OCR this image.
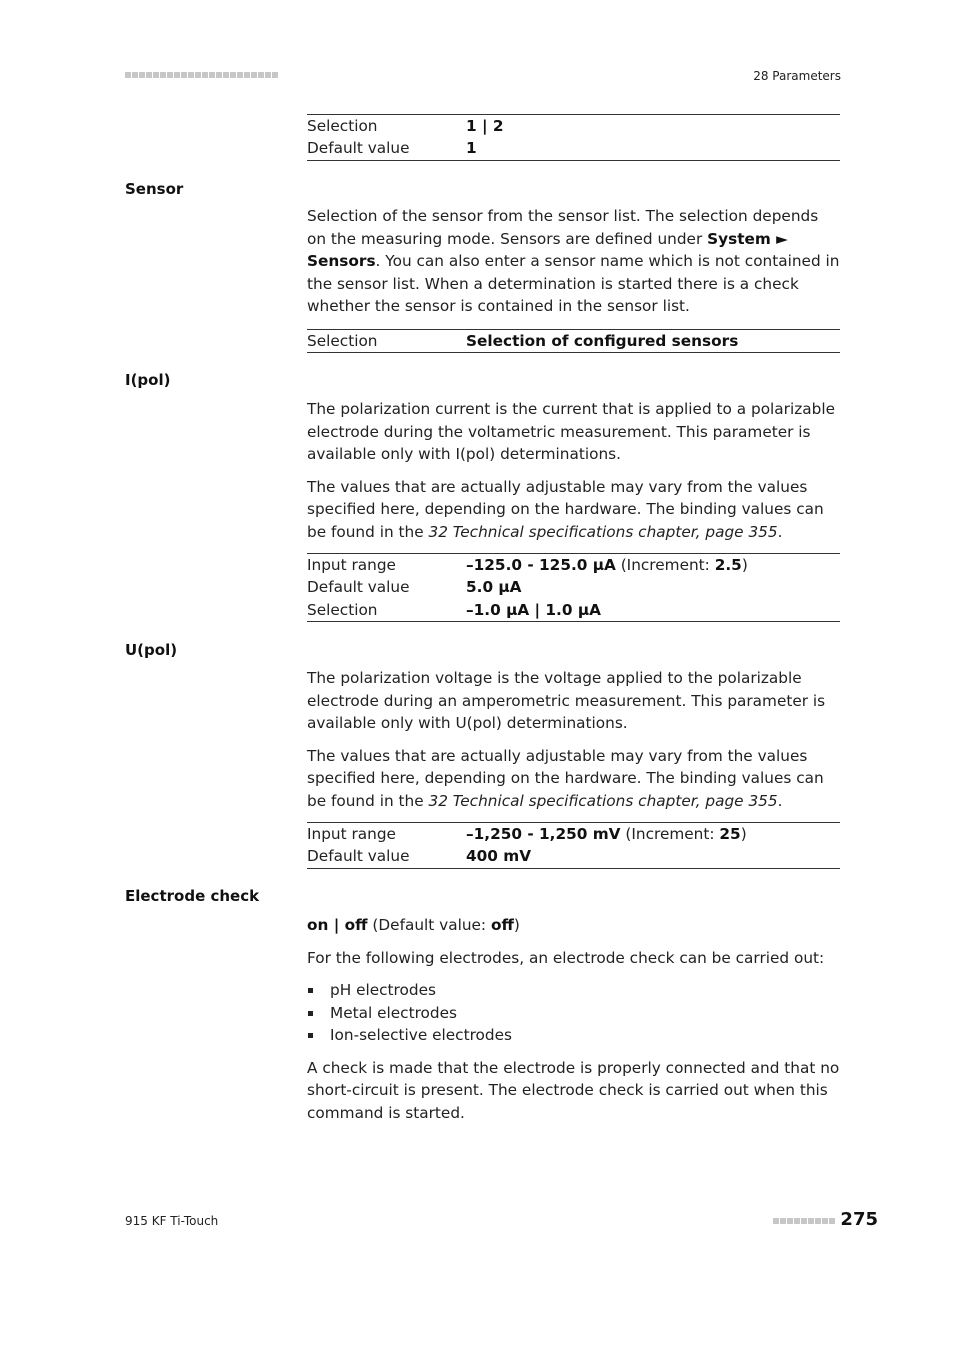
28 Parameters
Selection	1 | 2
Default value	1
Sensor

Selection of the sensor from the sensor list. The selection depends on the measuring mode. Sensors are defined under System ► Sensors. You can also enter a sensor name which is not contained in the sensor list. When a determination is started there is a check whether the sensor is contained in the sensor list.

Selection	Selection of configured sensors
I(pol)

The polarization current is the current that is applied to a polarizable electrode during the voltametric measurement. This parameter is available only with I(pol) determinations.

The values that are actually adjustable may vary from the values specified here, depending on the hardware. The binding values can be found in the 32 Technical specifications chapter, page 355.

Input range	–125.0 - 125.0 µA (Increment: 2.5)
Default value	5.0 µA
Selection	–1.0 µA | 1.0 µA
U(pol)

The polarization voltage is the voltage applied to the polarizable electrode during an amperometric measurement. This parameter is available only with U(pol) determinations.

The values that are actually adjustable may vary from the values specified here, depending on the hardware. The binding values can be found in the 32 Technical specifications chapter, page 355.

Input range	–1,250 - 1,250 mV (Increment: 25)
Default value	400 mV
Electrode check

on | off (Default value: off)

For the following electrodes, an electrode check can be carried out:

pH electrodes
Metal electrodes
Ion-selective electrodes

A check is made that the electrode is properly connected and that no short-circuit is present. The electrode check is carried out when this command is started.

915 KF Ti-Touch	275
